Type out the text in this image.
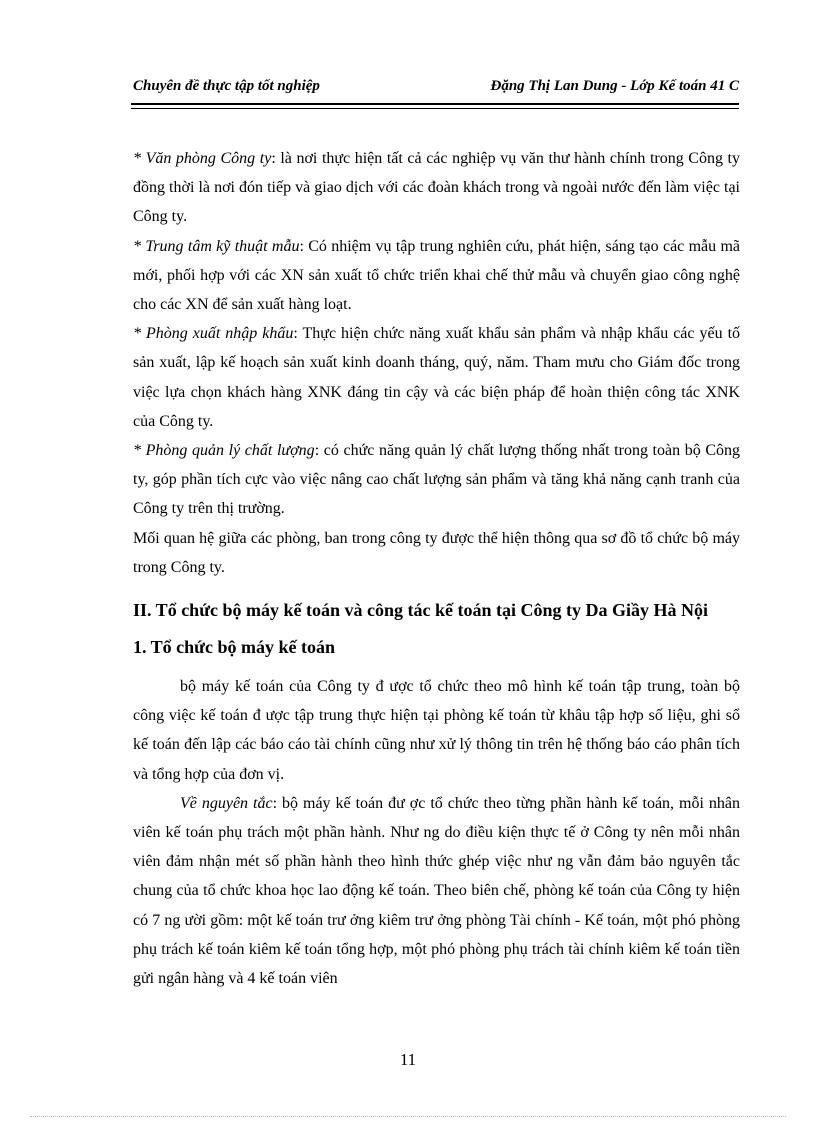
Chuyên đề thực tập tốt nghiệp	Đặng Thị Lan Dung - Lớp Kế toán 41 C

* Văn phòng Công ty: là nơi thực hiện tất cả các nghiệp vụ văn thư hành chính trong Công ty đồng thời là nơi đón tiếp và giao dịch với các đoàn khách trong và ngoài nước đến làm việc tại Công ty.

* Trung tâm kỹ thuật mẫu: Có nhiệm vụ tập trung nghiên cứu, phát hiện, sáng tạo các mẫu mã mới, phối hợp với các XN sản xuất tổ chức triển khai chế thử mẫu và chuyển giao công nghệ cho các XN để sản xuất hàng loạt.

* Phòng xuất nhập khẩu: Thực hiện chức năng xuất khẩu sản phẩm và nhập khẩu các yếu tố sản xuất, lập kế hoạch sản xuất kinh doanh tháng, quý, năm. Tham mưu cho Giám đốc trong việc lựa chọn khách hàng XNK đáng tin cậy và các biện pháp để hoàn thiện công tác XNK của Công ty.

* Phòng quản lý chất lượng: có chức năng quản lý chất lượng thống nhất trong toàn bộ Công ty, góp phần tích cực vào việc nâng cao chất lượng sản phẩm và tăng khả năng cạnh tranh của Công ty trên thị trường.

Mối quan hệ giữa các phòng, ban trong công ty được thể hiện thông qua sơ đồ tổ chức bộ máy trong Công ty.

II. Tổ chức bộ máy kế toán và công tác kế toán tại Công ty Da Giầy Hà Nội
1. Tổ chức bộ máy kế toán

bộ máy kế toán của Công ty đ ược tổ chức theo mô hình kế toán tập trung, toàn bộ công việc kế toán đ ược tập trung thực hiện tại phòng kế toán từ khâu tập hợp số liệu, ghi sổ kế toán đến lập các báo cáo tài chính cũng như xử lý thông tin trên hệ thống báo cáo phân tích và tổng hợp của đơn vị.

Về nguyên tắc: bộ máy kế toán đư ợc tổ chức theo từng phần hành kế toán, mỗi nhân viên kế toán phụ trách một phần hành. Như ng do điều kiện thực tế ở Công ty nên mỗi nhân viên đảm nhận mét số phần hành theo hình thức ghép việc như ng vẫn đảm bảo nguyên tắc chung của tổ chức khoa học lao động kế toán. Theo biên chế, phòng kế toán của Công ty hiện có 7 ng ười gồm: một kế toán trư ởng kiêm trư ởng phòng Tài chính - Kế toán, một phó phòng phụ trách kế toán kiêm kế toán tổng hợp, một phó phòng phụ trách tài chính kiêm kế toán tiền gửi ngân hàng và 4 kế toán viên

11
